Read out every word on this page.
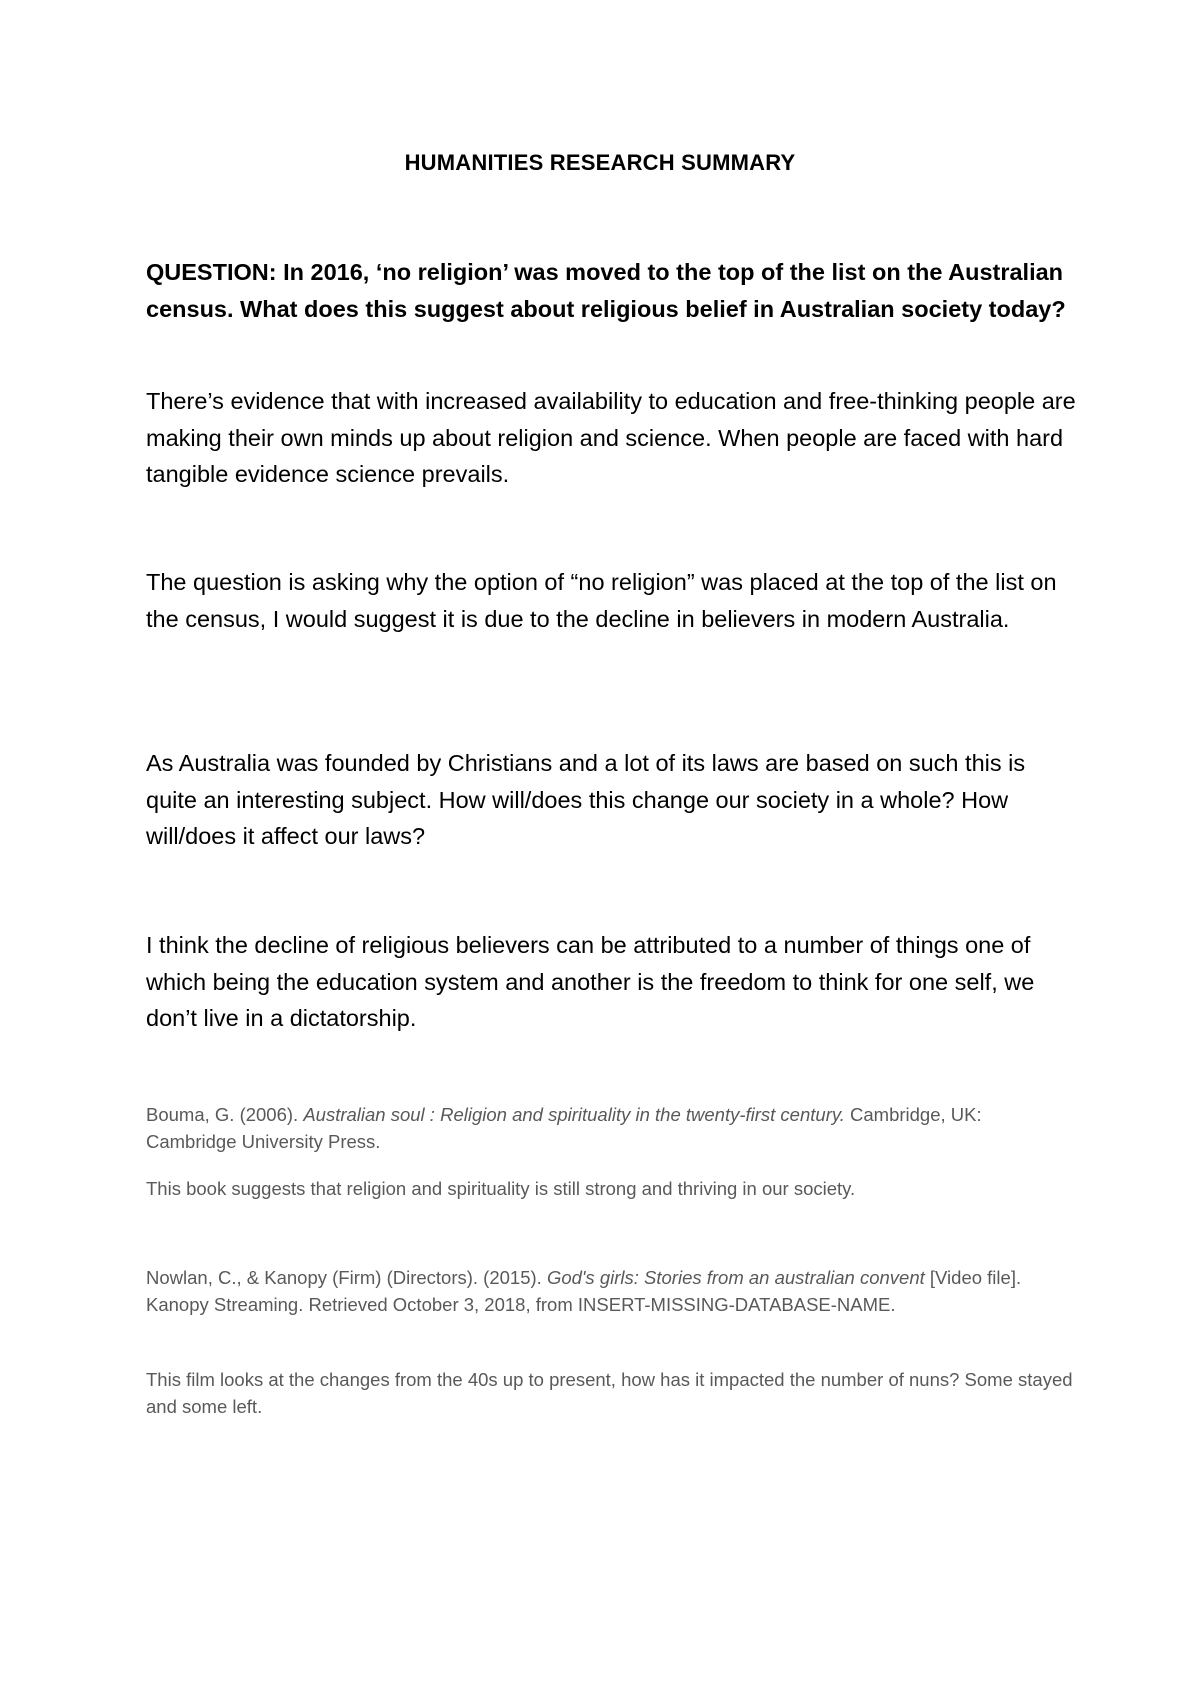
HUMANITIES RESEARCH SUMMARY

QUESTION: In 2016, ‘no religion’ was moved to the top of the list on the Australian census. What does this suggest about religious belief in Australian society today?

There’s evidence that with increased availability to education and free-thinking people are making their own minds up about religion and science. When people are faced with hard tangible evidence science prevails.

The question is asking why the option of “no religion” was placed at the top of the list on the census, I would suggest it is due to the decline in believers in modern Australia.

As Australia was founded by Christians and a lot of its laws are based on such this is quite an interesting subject. How will/does this change our society in a whole? How will/does it affect our laws?

I think the decline of religious believers can be attributed to a number of things one of which being the education system and another is the freedom to think for one self, we don’t live in a dictatorship.

Bouma, G. (2006). Australian soul : Religion and spirituality in the twenty-first century. Cambridge, UK: Cambridge University Press.

This book suggests that religion and spirituality is still strong and thriving in our society.

Nowlan, C., & Kanopy (Firm) (Directors). (2015). God's girls: Stories from an australian convent [Video file]. Kanopy Streaming. Retrieved October 3, 2018, from INSERT-MISSING-DATABASE-NAME.

This film looks at the changes from the 40s up to present, how has it impacted the number of nuns? Some stayed and some left.
